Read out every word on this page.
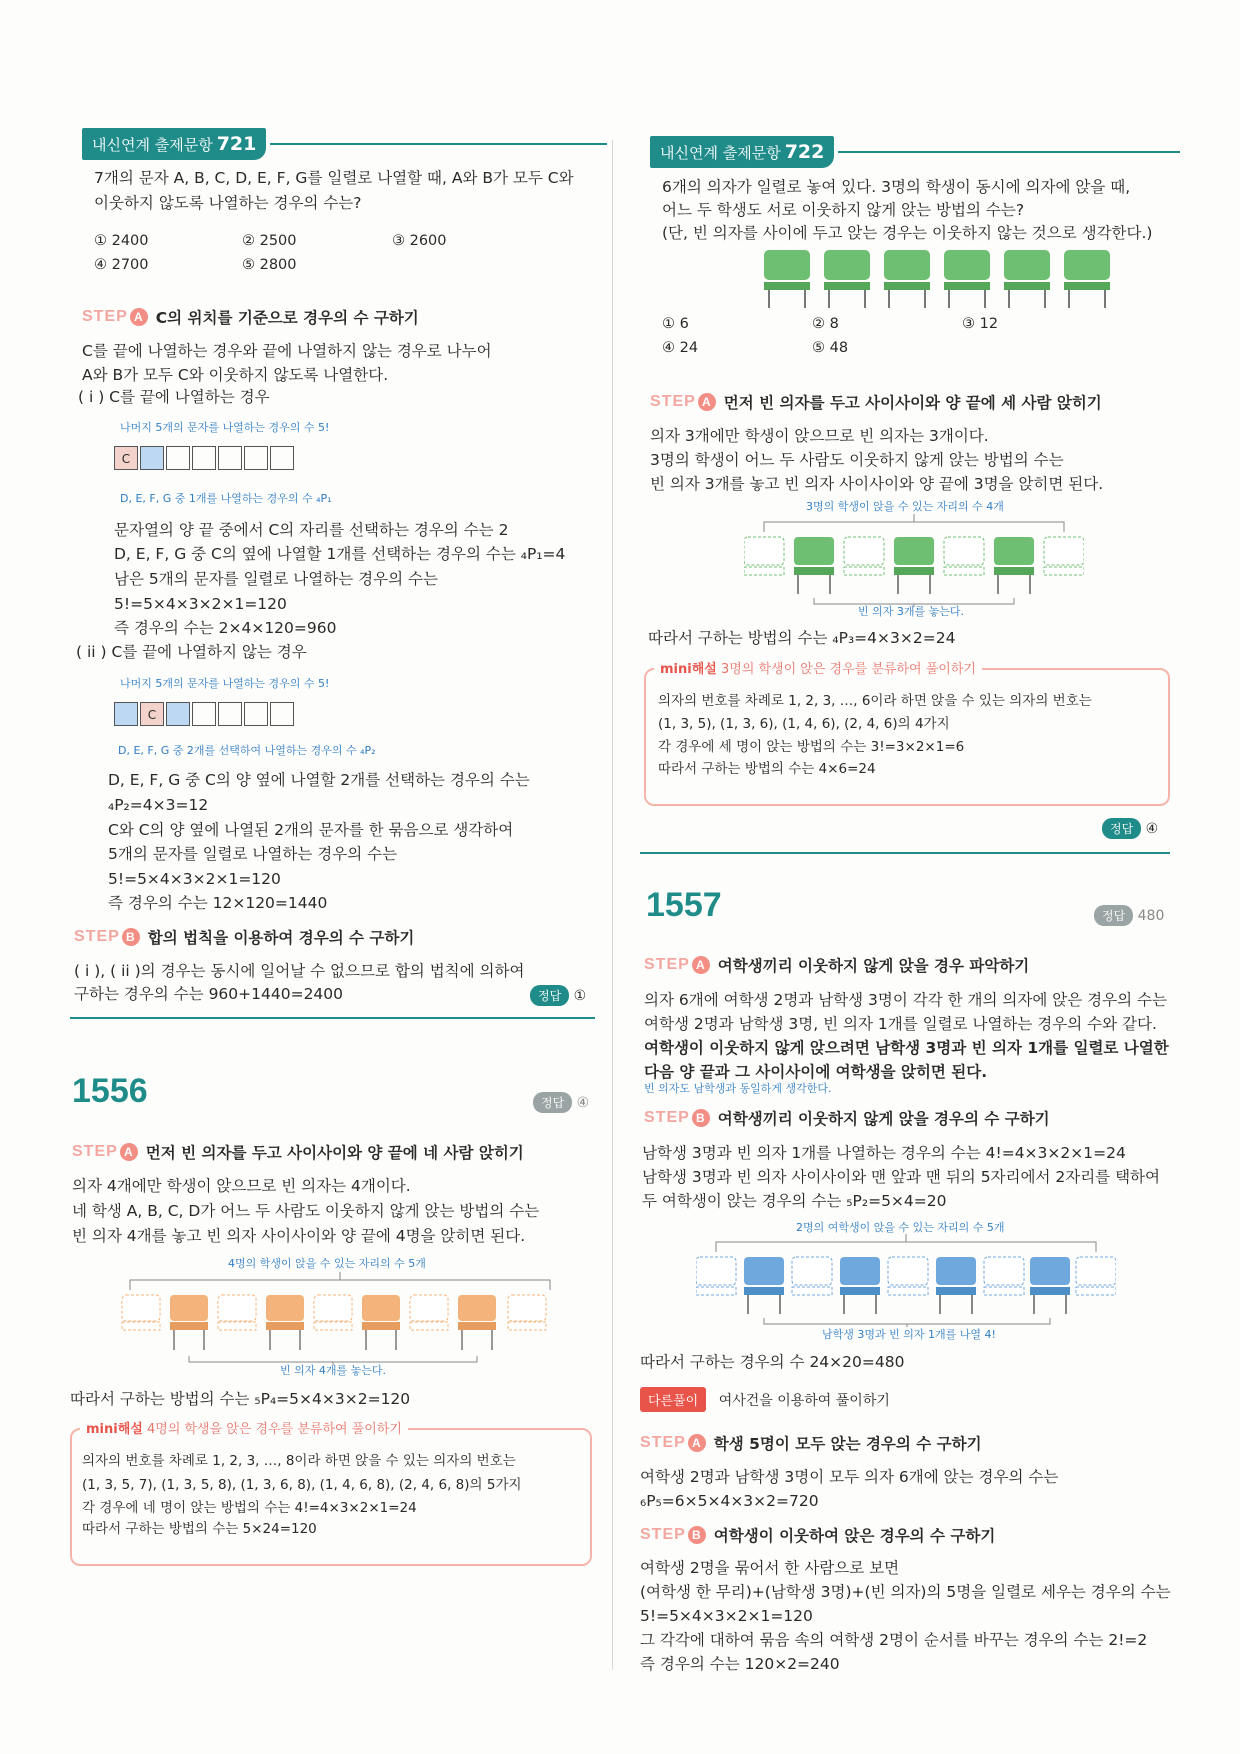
내신연계 출제문항 721
7개의 문자 A, B, C, D, E, F, G를 일렬로 나열할 때, A와 B가 모두 C와
이웃하지 않도록 나열하는 경우의 수는?
① 2400	② 2500	③ 2600
④ 2700	⑤ 2800
STEP A C의 위치를 기준으로 경우의 수 구하기
C를 끝에 나열하는 경우와 끝에 나열하지 않는 경우로 나누어
A와 B가 모두 C와 이웃하지 않도록 나열한다.
( i ) C를 끝에 나열하는 경우
나머지 5개의 문자를 나열하는 경우의 수 5!
C
D, E, F, G 중 1개를 나열하는 경우의 수 ₄P₁
문자열의 양 끝 중에서 C의 자리를 선택하는 경우의 수는 2
D, E, F, G 중 C의 옆에 나열할 1개를 선택하는 경우의 수는 ₄P₁=4
남은 5개의 문자를 일렬로 나열하는 경우의 수는
5!=5×4×3×2×1=120
즉 경우의 수는 2×4×120=960
( ii ) C를 끝에 나열하지 않는 경우
나머지 5개의 문자를 나열하는 경우의 수 5!
C
D, E, F, G 중 2개를 선택하여 나열하는 경우의 수 ₄P₂
D, E, F, G 중 C의 양 옆에 나열할 2개를 선택하는 경우의 수는
₄P₂=4×3=12
C와 C의 양 옆에 나열된 2개의 문자를 한 묶음으로 생각하여
5개의 문자를 일렬로 나열하는 경우의 수는
5!=5×4×3×2×1=120
즉 경우의 수는 12×120=1440
STEP B 합의 법칙을 이용하여 경우의 수 구하기
( i ), ( ii )의 경우는 동시에 일어날 수 없으므로 합의 법칙에 의하여
구하는 경우의 수는 960+1440=2400	정답 ①
1556	정답 ④
STEP A 먼저 빈 의자를 두고 사이사이와 양 끝에 네 사람 앉히기
의자 4개에만 학생이 앉으므로 빈 의자는 4개이다.
네 학생 A, B, C, D가 어느 두 사람도 이웃하지 않게 앉는 방법의 수는
빈 의자 4개를 놓고 빈 의자 사이사이와 양 끝에 4명을 앉히면 된다.
4명의 학생이 앉을 수 있는 자리의 수 5개
빈 의자 4개를 놓는다.
따라서 구하는 방법의 수는 ₅P₄=5×4×3×2=120
mini해설 4명의 학생을 앉은 경우를 분류하여 풀이하기
의자의 번호를 차례로 1, 2, 3, …, 8이라 하면 앉을 수 있는 의자의 번호는
(1, 3, 5, 7), (1, 3, 5, 8), (1, 3, 6, 8), (1, 4, 6, 8), (2, 4, 6, 8)의 5가지
각 경우에 네 명이 앉는 방법의 수는 4!=4×3×2×1=24
따라서 구하는 방법의 수는 5×24=120
내신연계 출제문항 722
6개의 의자가 일렬로 놓여 있다. 3명의 학생이 동시에 의자에 앉을 때,
어느 두 학생도 서로 이웃하지 않게 앉는 방법의 수는?
(단, 빈 의자를 사이에 두고 앉는 경우는 이웃하지 않는 것으로 생각한다.)
① 6	② 8	③ 12
④ 24	⑤ 48
STEP A 먼저 빈 의자를 두고 사이사이와 양 끝에 세 사람 앉히기
의자 3개에만 학생이 앉으므로 빈 의자는 3개이다.
3명의 학생이 어느 두 사람도 이웃하지 않게 앉는 방법의 수는
빈 의자 3개를 놓고 빈 의자 사이사이와 양 끝에 3명을 앉히면 된다.
3명의 학생이 앉을 수 있는 자리의 수 4개
빈 의자 3개를 놓는다.
따라서 구하는 방법의 수는 ₄P₃=4×3×2=24
mini해설 3명의 학생이 앉은 경우를 분류하여 풀이하기
의자의 번호를 차례로 1, 2, 3, …, 6이라 하면 앉을 수 있는 의자의 번호는
(1, 3, 5), (1, 3, 6), (1, 4, 6), (2, 4, 6)의 4가지
각 경우에 세 명이 앉는 방법의 수는 3!=3×2×1=6
따라서 구하는 방법의 수는 4×6=24
정답 ④
1557	정답 480
STEP A 여학생끼리 이웃하지 않게 앉을 경우 파악하기
의자 6개에 여학생 2명과 남학생 3명이 각각 한 개의 의자에 앉은 경우의 수는
여학생 2명과 남학생 3명, 빈 의자 1개를 일렬로 나열하는 경우의 수와 같다.
여학생이 이웃하지 않게 앉으려면 남학생 3명과 빈 의자 1개를 일렬로 나열한
다음 양 끝과 그 사이사이에 여학생을 앉히면 된다.
빈 의자도 남학생과 동일하게 생각한다.
STEP B 여학생끼리 이웃하지 않게 앉을 경우의 수 구하기
남학생 3명과 빈 의자 1개를 나열하는 경우의 수는 4!=4×3×2×1=24
남학생 3명과 빈 의자 사이사이와 맨 앞과 맨 뒤의 5자리에서 2자리를 택하여
두 여학생이 앉는 경우의 수는 ₅P₂=5×4=20
2명의 여학생이 앉을 수 있는 자리의 수 5개
남학생 3명과 빈 의자 1개를 나열 4!
따라서 구하는 경우의 수 24×20=480
다른풀이 여사건을 이용하여 풀이하기
STEP A 학생 5명이 모두 앉는 경우의 수 구하기
여학생 2명과 남학생 3명이 모두 의자 6개에 앉는 경우의 수는
₆P₅=6×5×4×3×2=720
STEP B 여학생이 이웃하여 앉은 경우의 수 구하기
여학생 2명을 묶어서 한 사람으로 보면
(여학생 한 무리)+(남학생 3명)+(빈 의자)의 5명을 일렬로 세우는 경우의 수는
5!=5×4×3×2×1=120
그 각각에 대하여 묶음 속의 여학생 2명이 순서를 바꾸는 경우의 수는 2!=2
즉 경우의 수는 120×2=240
